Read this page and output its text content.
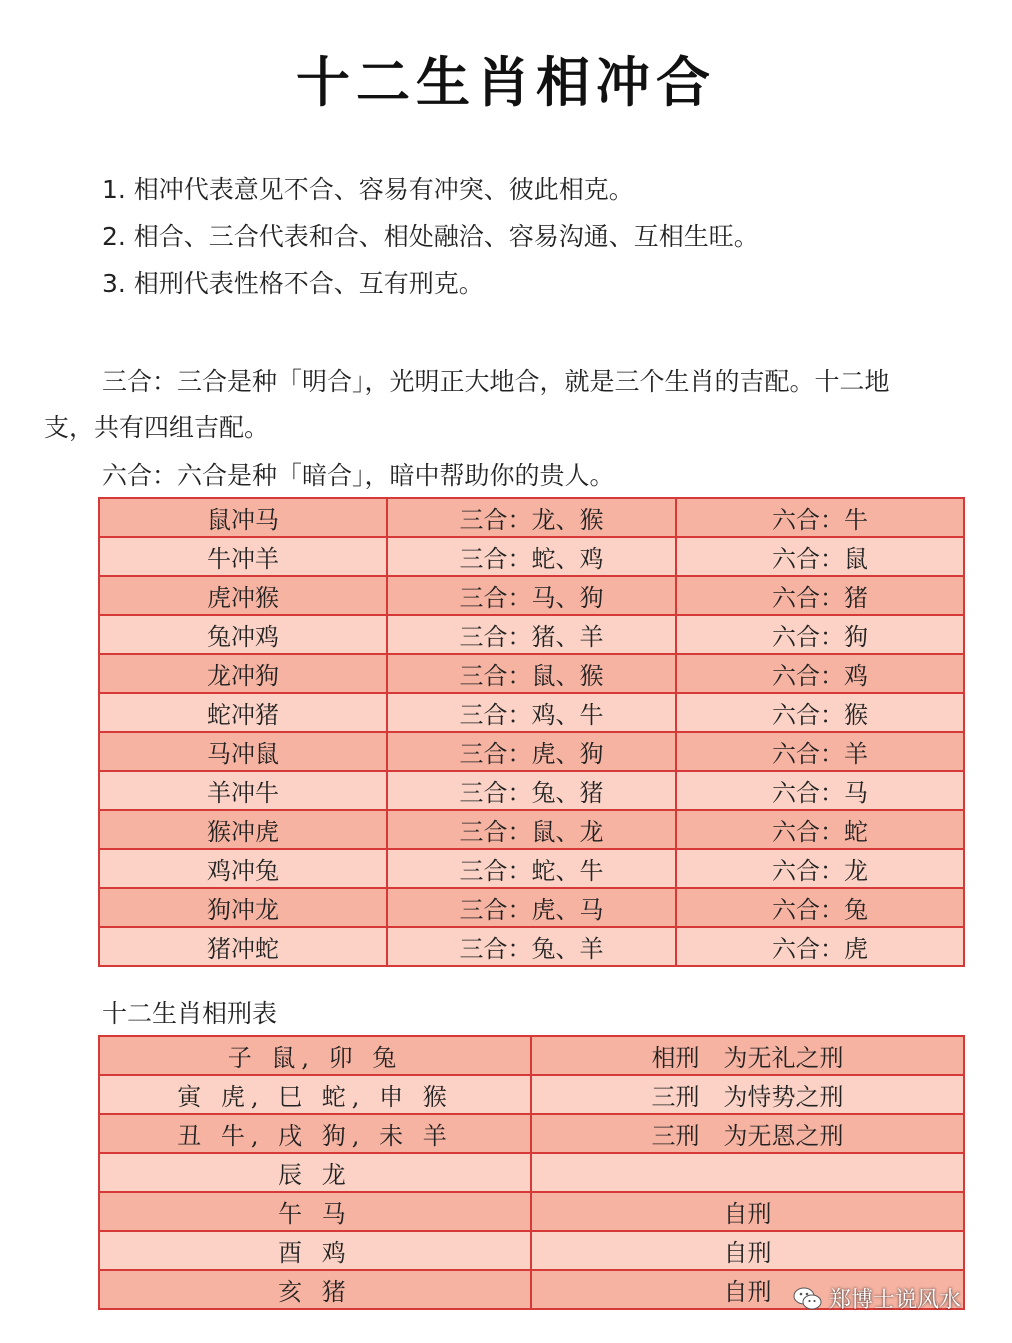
十二生肖相冲合
1. 相冲代表意见不合、容易有冲突、彼此相克。
2. 相合、三合代表和合、相处融洽、容易沟通、互相生旺。
3. 相刑代表性格不合、互有刑克。
三合：三合是种「明合」，光明正大地合，就是三个生肖的吉配。十二地
支，共有四组吉配。
六合：六合是种「暗合」，暗中帮助你的贵人。
鼠冲马	三合：龙、猴	六合：牛
牛冲羊	三合：蛇、鸡	六合：鼠
虎冲猴	三合：马、狗	六合：猪
兔冲鸡	三合：猪、羊	六合：狗
龙冲狗	三合：鼠、猴	六合：鸡
蛇冲猪	三合：鸡、牛	六合：猴
马冲鼠	三合：虎、狗	六合：羊
羊冲牛	三合：兔、猪	六合：马
猴冲虎	三合：鼠、龙	六合：蛇
鸡冲兔	三合：蛇、牛	六合：龙
狗冲龙	三合：虎、马	六合：兔
猪冲蛇	三合：兔、羊	六合：虎
十二生肖相刑表
子 鼠, 卯 兔	相刑　为无礼之刑
寅 虎, 巳 蛇, 申 猴	三刑　为恃势之刑
丑 牛, 戌 狗, 未 羊	三刑　为无恩之刑
辰 龙	
午 马	自刑
酉 鸡	自刑
亥 猪	自刑	郑博士说风水
